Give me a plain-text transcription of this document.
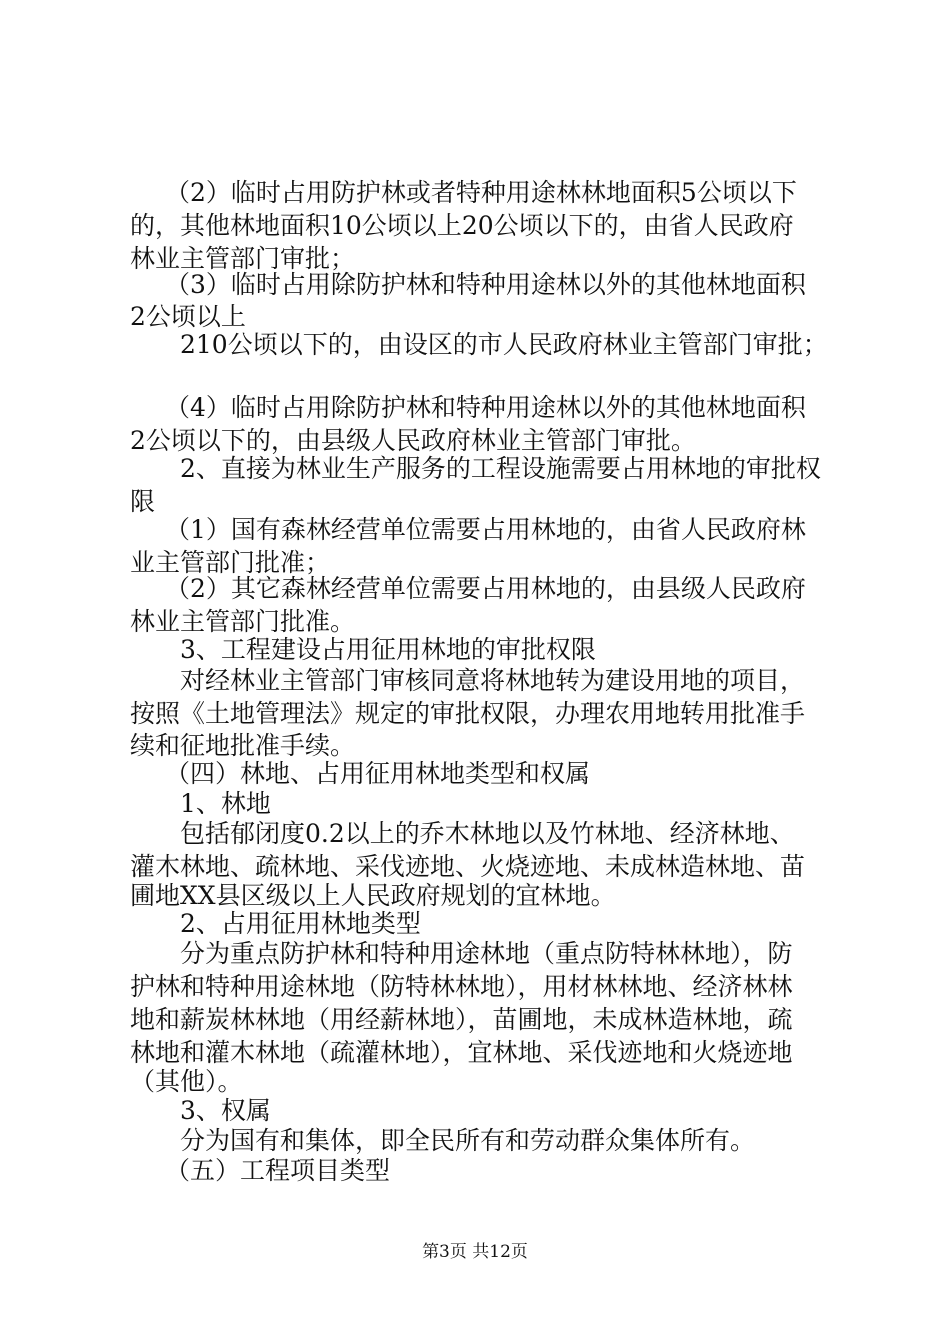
（2）临时占用防护林或者特种用途林林地面积5公顷以下
的，其他林地面积10公顷以上20公顷以下的，由省人民政府
林业主管部门审批；
（3）临时占用除防护林和特种用途林以外的其他林地面积
2公顷以上
210公顷以下的，由设区的市人民政府林业主管部门审批；
（4）临时占用除防护林和特种用途林以外的其他林地面积
2公顷以下的，由县级人民政府林业主管部门审批。
2、直接为林业生产服务的工程设施需要占用林地的审批权
限
（1）国有森林经营单位需要占用林地的，由省人民政府林
业主管部门批准；
（2）其它森林经营单位需要占用林地的，由县级人民政府
林业主管部门批准。
3、工程建设占用征用林地的审批权限
对经林业主管部门审核同意将林地转为建设用地的项目，
按照《土地管理法》规定的审批权限，办理农用地转用批准手
续和征地批准手续。
（四）林地、占用征用林地类型和权属
1、林地
包括郁闭度0.2以上的乔木林地以及竹林地、经济林地、
灌木林地、疏林地、采伐迹地、火烧迹地、未成林造林地、苗
圃地XX县区级以上人民政府规划的宜林地。
2、占用征用林地类型
分为重点防护林和特种用途林地（重点防特林林地），防
护林和特种用途林地（防特林林地），用材林林地、经济林林
地和薪炭林林地（用经薪林地），苗圃地，未成林造林地，疏
林地和灌木林地（疏灌林地），宜林地、采伐迹地和火烧迹地
（其他）。
3、权属
分为国有和集体，即全民所有和劳动群众集体所有。
（五）工程项目类型
第3页 共12页
